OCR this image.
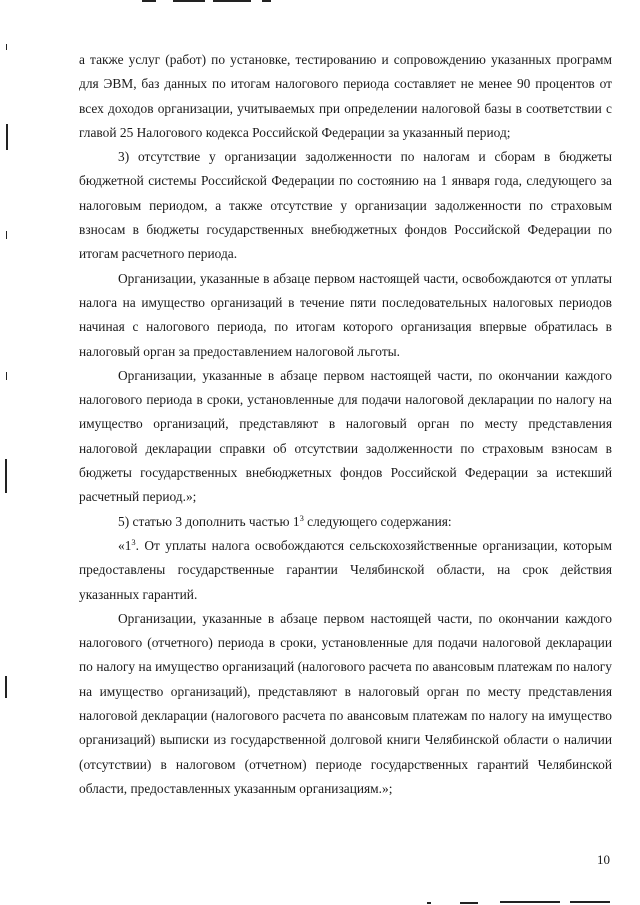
а также услуг (работ) по установке, тестированию и сопровождению указанных программ для ЭВМ, баз данных по итогам налогового периода составляет не менее 90 процентов от всех доходов организации, учитываемых при определении налоговой базы в соответствии с главой 25 Налогового кодекса Российской Федерации за указанный период;

3) отсутствие у организации задолженности по налогам и сборам в бюджеты бюджетной системы Российской Федерации по состоянию на 1 января года, следующего за налоговым периодом, а также отсутствие у организации задолженности по страховым взносам в бюджеты государственных внебюджетных фондов Российской Федерации по итогам расчетного периода.

Организации, указанные в абзаце первом настоящей части, освобождаются от уплаты налога на имущество организаций в течение пяти последовательных налоговых периодов начиная с налогового периода, по итогам которого организация впервые обратилась в налоговый орган за предоставлением налоговой льготы.

Организации, указанные в абзаце первом настоящей части, по окончании каждого налогового периода в сроки, установленные для подачи налоговой декларации по налогу на имущество организаций, представляют в налоговый орган по месту представления налоговой декларации справки об отсутствии задолженности по страховым взносам в бюджеты государственных внебюджетных фондов Российской Федерации за истекший расчетный период.»;

5) статью 3 дополнить частью $1^3$ следующего содержания:

«$1^3$. От уплаты налога освобождаются сельскохозяйственные организации, которым предоставлены государственные гарантии Челябинской области, на срок действия указанных гарантий.

Организации, указанные в абзаце первом настоящей части, по окончании каждого налогового (отчетного) периода в сроки, установленные для подачи налоговой декларации по налогу на имущество организаций (налогового расчета по авансовым платежам по налогу на имущество организаций), представляют в налоговый орган по месту представления налоговой декларации (налогового расчета по авансовым платежам по налогу на имущество организаций) выписки из государственной долговой книги Челябинской области о наличии (отсутствии) в налоговом (отчетном) периоде государственных гарантий Челябинской области, предоставленных указанным организациям.»;

10
